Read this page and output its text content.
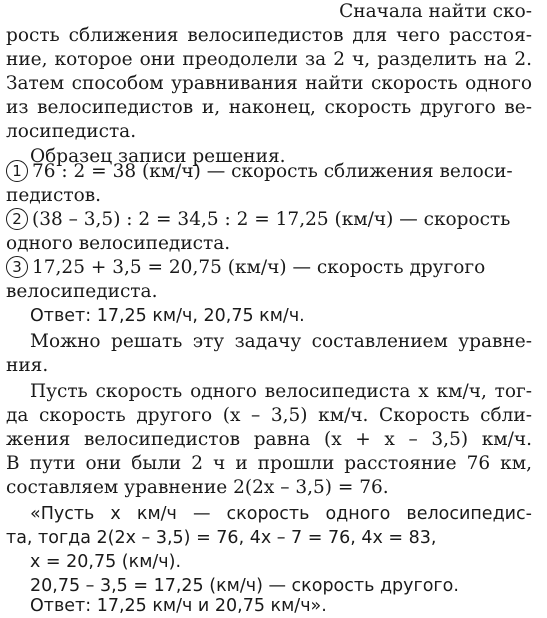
Сначала найти ско-
рость сближения велосипедистов для чего расстоя-
ние, которое они преодолели за 2 ч, разделить на 2.
Затем способом уравнивания найти скорость одного
из велосипедистов и, наконец, скорость другого ве-
лосипедиста.
Образец записи решения.
1 76 : 2 = 38 (км/ч) — скорость сближения велоси-
педистов.
2 (38 – 3,5) : 2 = 34,5 : 2 = 17,25 (км/ч) — скорость
одного велосипедиста.
3 17,25 + 3,5 = 20,75 (км/ч) — скорость другого
велосипедиста.
Ответ: 17,25 км/ч, 20,75 км/ч.
Можно решать эту задачу составлением уравне-
ния.
Пусть скорость одного велосипедиста x км/ч, тог-
да скорость другого (x – 3,5) км/ч. Скорость сбли-
жения велосипедистов равна (x + x – 3,5) км/ч.
В пути они были 2 ч и прошли расстояние 76 км,
составляем уравнение 2(2x – 3,5) = 76.
«Пусть x км/ч — скорость одного велосипедис-
та, тогда 2(2x – 3,5) = 76, 4x – 7 = 76, 4x = 83,
x = 20,75 (км/ч).
20,75 – 3,5 = 17,25 (км/ч) — скорость другого.
Ответ: 17,25 км/ч и 20,75 км/ч».
